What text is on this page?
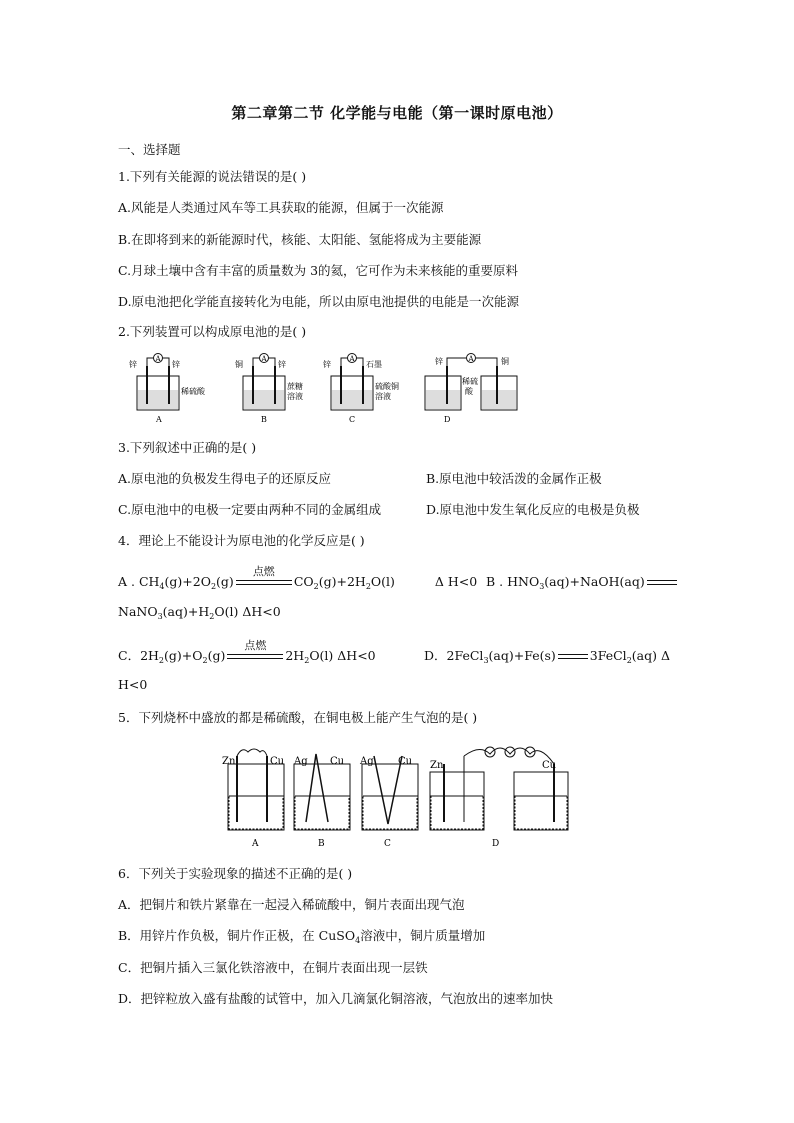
第二章第二节 化学能与电能（第一课时原电池）
一、选择题
1.下列有关能源的说法错误的是( )
A.风能是人类通过风车等工具获取的能源，但属于一次能源
B.在即将到来的新能源时代，核能、太阳能、氢能将成为主要能源
C.月球土壤中含有丰富的质量数为 3的氦，它可作为未来核能的重要原料
D.原电池把化学能直接转化为电能，所以由原电池提供的电能是一次能源
2.下列装置可以构成原电池的是( )
A
锌	锌
稀硫酸
A
A
铜	锌
蔗糖
溶液
B
A
锌	石墨
硫酸铜
溶液
C
A
锌	铜
稀硫
酸
D
3.下列叙述中正确的是( )
A.原电池的负极发生得电子的还原反应	B.原电池中较活泼的金属作正极
C.原电池中的电极一定要由两种不同的金属组成	D.原电池中发生氧化反应的电极是负极
4．理论上不能设计为原电池的化学反应是( )
A . $CH_4(g)+2O_2(g)$
点燃
$CO_2(g)+2H_2O(l)$	Δ H<0 B . $HNO_3(aq)+NaOH(aq)$
$NaNO_3(aq)+H_2O(l)$ ΔH<0
C．$2H_2(g)+O_2(g)$
点燃
$2H_2O(l)$ ΔH<0	D．2FeCl$_3$(aq)+Fe(s)	3FeCl$_2$(aq) Δ
H<0
5．下列烧杯中盛放的都是稀硫酸，在铜电极上能产生气泡的是( )
Zn	Cu
A
Ag Cu
B
Ag Cu
C
Zn	Cu
D
6．下列关于实验现象的描述不正确的是( )
A．把铜片和铁片紧靠在一起浸入稀硫酸中，铜片表面出现气泡
B．用锌片作负极，铜片作正极，在 CuSO$_4$溶液中，铜片质量增加
C．把铜片插入三氯化铁溶液中，在铜片表面出现一层铁
D．把锌粒放入盛有盐酸的试管中，加入几滴氯化铜溶液，气泡放出的速率加快
